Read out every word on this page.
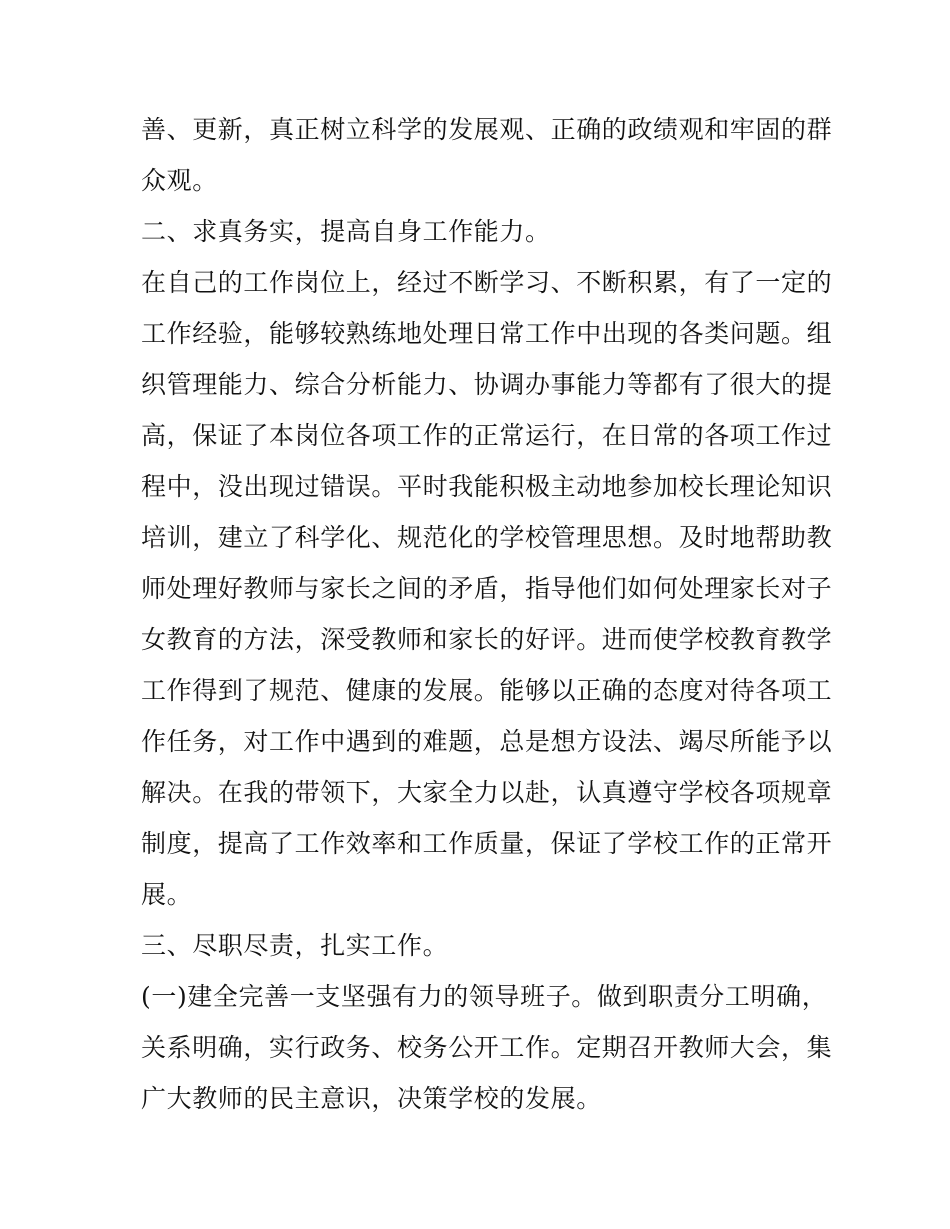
善、更新，真正树立科学的发展观、正确的政绩观和牢固的群
众观。
二、求真务实，提高自身工作能力。
在自己的工作岗位上，经过不断学习、不断积累，有了一定的
工作经验，能够较熟练地处理日常工作中出现的各类问题。组
织管理能力、综合分析能力、协调办事能力等都有了很大的提
高，保证了本岗位各项工作的正常运行，在日常的各项工作过
程中，没出现过错误。平时我能积极主动地参加校长理论知识
培训，建立了科学化、规范化的学校管理思想。及时地帮助教
师处理好教师与家长之间的矛盾，指导他们如何处理家长对子
女教育的方法，深受教师和家长的好评。进而使学校教育教学
工作得到了规范、健康的发展。能够以正确的态度对待各项工
作任务，对工作中遇到的难题，总是想方设法、竭尽所能予以
解决。在我的带领下，大家全力以赴，认真遵守学校各项规章
制度，提高了工作效率和工作质量，保证了学校工作的正常开
展。
三、尽职尽责，扎实工作。
(一)建全完善一支坚强有力的领导班子。做到职责分工明确，
关系明确，实行政务、校务公开工作。定期召开教师大会，集
广大教师的民主意识，决策学校的发展。
